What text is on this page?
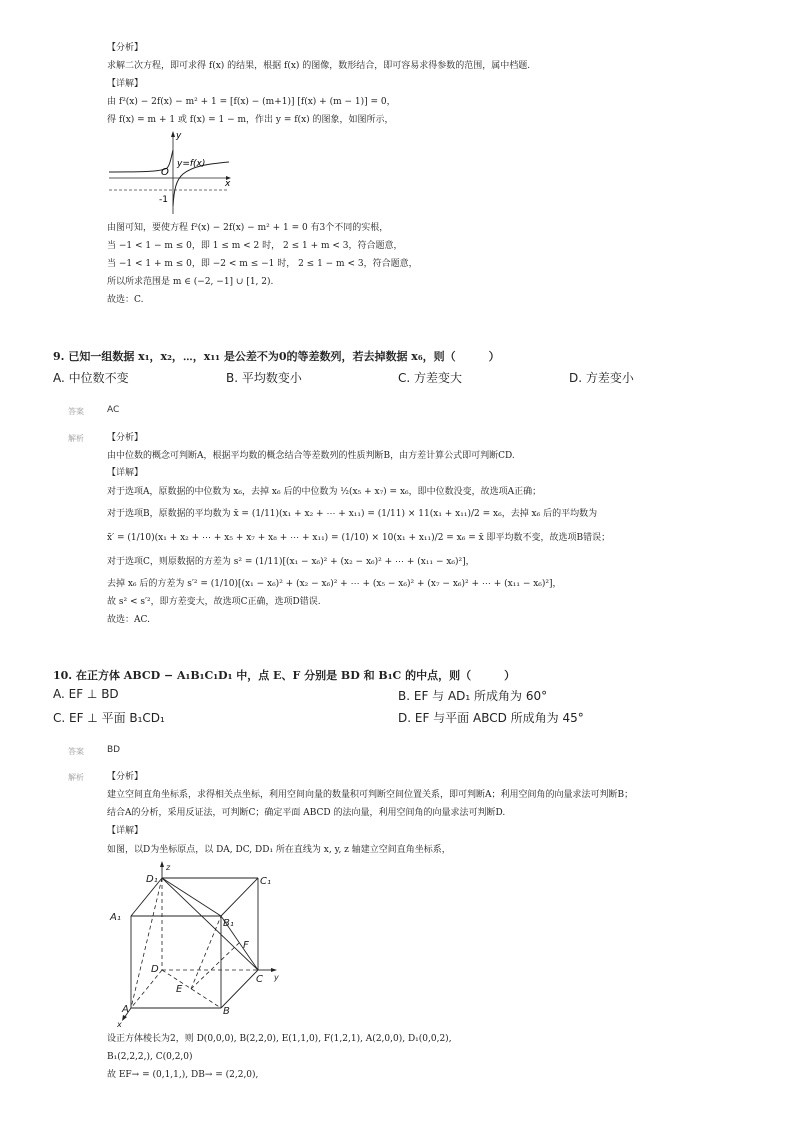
【分析】
求解二次方程，即可求得 f(x) 的结果，根据 f(x) 的图像，数形结合，即可容易求得参数的范围，属中档题.
【详解】
由 f²(x) − 2f(x) − m² + 1 = [f(x) − (m+1)] [f(x) + (m − 1)] = 0，
得 f(x) = m + 1 或 f(x) = 1 − m，作出 y = f(x) 的图象，如图所示，
O
y=f(x)
x
y
-1
由图可知，要使方程 f²(x) − 2f(x) − m² + 1 = 0 有3个不同的实根，
当 −1 < 1 − m ≤ 0，即 1 ≤ m < 2 时， 2 ≤ 1 + m < 3，符合题意，
当 −1 < 1 + m ≤ 0，即 −2 < m ≤ −1 时， 2 ≤ 1 − m < 3，符合题意，
所以所求范围是 m ∈ (−2, −1] ∪ [1, 2).
故选：C.
9. 已知一组数据 x₁，x₂，⋯，x₁₁ 是公差不为0的等差数列，若去掉数据 x₆，则（　　　）
A. 中位数不变	B. 平均数变小	C. 方差变大	D. 方差变小
答案	AC
解析	【分析】
由中位数的概念可判断A，根据平均数的概念结合等差数列的性质判断B，由方差计算公式即可判断CD.
【详解】
对于选项A，原数据的中位数为 x₆，去掉 x₆ 后的中位数为 ½(x₅ + x₇) = x₆，即中位数没变，故选项A正确；
对于选项B，原数据的平均数为 x̄ = (1/11)(x₁ + x₂ + ⋯ + x₁₁) = (1/11) × 11(x₁ + x₁₁)/2 = x₆，去掉 x₆ 后的平均数为
x̄′ = (1/10)(x₁ + x₂ + ⋯ + x₅ + x₇ + x₈ + ⋯ + x₁₁) = (1/10) × 10(x₁ + x₁₁)/2 = x₆ = x̄ 即平均数不变，故选项B错误；
对于选项C，则原数据的方差为 s² = (1/11)[(x₁ − x₆)² + (x₂ − x₆)² + ⋯ + (x₁₁ − x₆)²]，
去掉 x₆ 后的方差为 s′² = (1/10)[(x₁ − x₆)² + (x₂ − x₆)² + ⋯ + (x₅ − x₆)² + (x₇ − x₆)² + ⋯ + (x₁₁ − x₆)²]，
故 s² < s′²，即方差变大，故选项C正确，选项D错误.
故选：AC.
10. 在正方体 ABCD − A₁B₁C₁D₁ 中，点 E、F 分别是 BD 和 B₁C 的中点，则（　　　）
A. EF ⊥ BD	B. EF 与 AD₁ 所成角为 60°
C. EF ⊥ 平面 B₁CD₁	D. EF 与平面 ABCD 所成角为 45°
答案	BD
解析	【分析】
建立空间直角坐标系，求得相关点坐标，利用空间向量的数量积可判断空间位置关系，即可判断A；利用空间角的向量求法可判断B；
结合A的分析，采用反证法，可判断C；确定平面 ABCD 的法向量，利用空间角的向量求法可判断D.
【详解】
如图，以D为坐标原点，以 DA, DC, DD₁ 所在直线为 x, y, z 轴建立空间直角坐标系，
D₁
z
C₁
A₁
B₁
F
D
E
C y
A	B
x
设正方体棱长为2，则 D(0,0,0), B(2,2,0), E(1,1,0), F(1,2,1), A(2,0,0), D₁(0,0,2),
B₁(2,2,2,), C(0,2,0)
故 EF→ = (0,1,1,), DB→ = (2,2,0),
